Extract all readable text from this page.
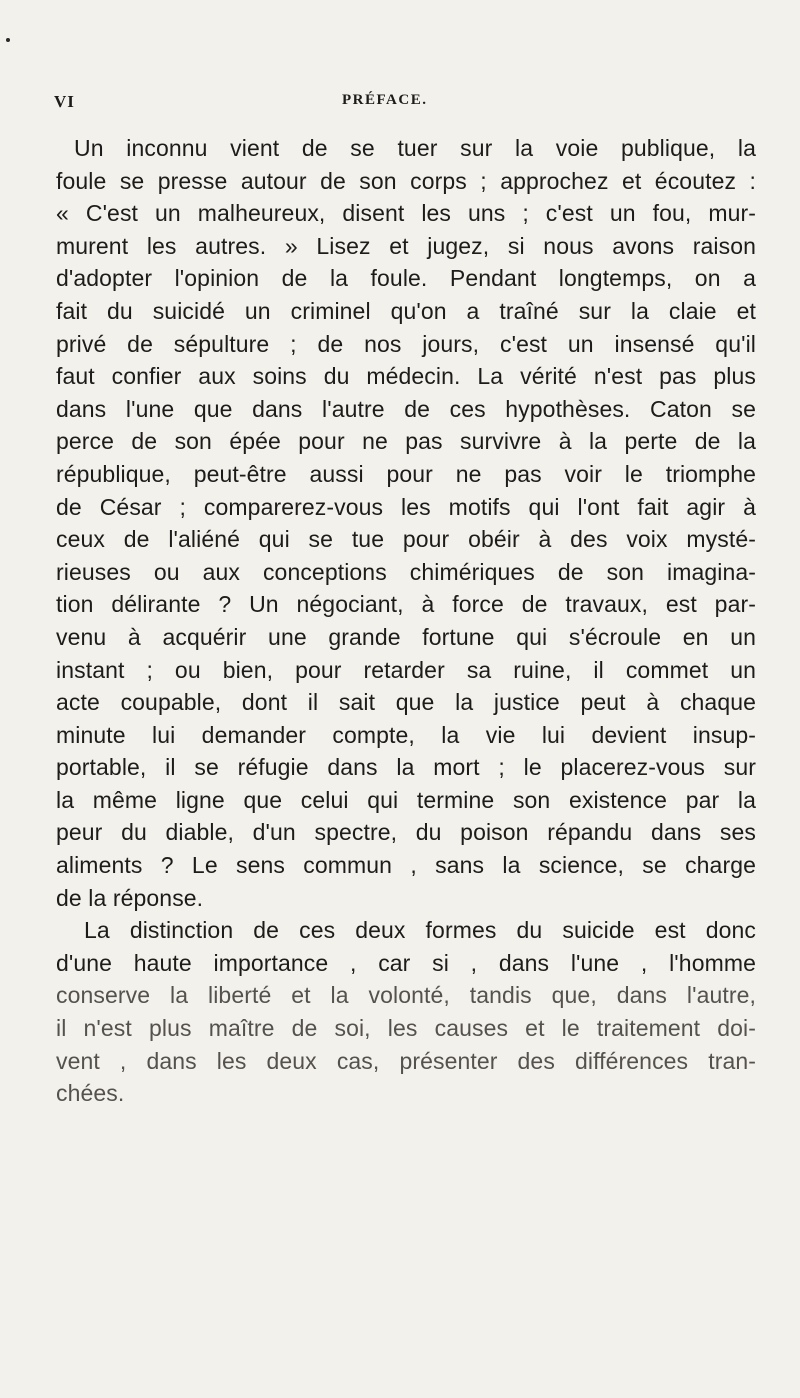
VI	PRÉFACE.
Un inconnu vient de se tuer sur la voie publique, la
foule se presse autour de son corps ; approchez et écoutez :
« C'est un malheureux, disent les uns ; c'est un fou, mur-
murent les autres. » Lisez et jugez, si nous avons raison
d'adopter l'opinion de la foule. Pendant longtemps, on a
fait du suicidé un criminel qu'on a traîné sur la claie et
privé de sépulture ; de nos jours, c'est un insensé qu'il
faut confier aux soins du médecin. La vérité n'est pas plus
dans l'une que dans l'autre de ces hypothèses. Caton se
perce de son épée pour ne pas survivre à la perte de la
république, peut-être aussi pour ne pas voir le triomphe
de César ; comparerez-vous les motifs qui l'ont fait agir à
ceux de l'aliéné qui se tue pour obéir à des voix mysté-
rieuses ou aux conceptions chimériques de son imagina-
tion délirante ? Un négociant, à force de travaux, est par-
venu à acquérir une grande fortune qui s'écroule en un
instant ; ou bien, pour retarder sa ruine, il commet un
acte coupable, dont il sait que la justice peut à chaque
minute lui demander compte, la vie lui devient insup-
portable, il se réfugie dans la mort ; le placerez-vous sur
la même ligne que celui qui termine son existence par la
peur du diable, d'un spectre, du poison répandu dans ses
aliments ? Le sens commun , sans la science, se charge
de la réponse.
La distinction de ces deux formes du suicide est donc
d'une haute importance , car si , dans l'une , l'homme
conserve la liberté et la volonté, tandis que, dans l'autre,
il n'est plus maître de soi, les causes et le traitement doi-
vent , dans les deux cas, présenter des différences tran-
chées.
